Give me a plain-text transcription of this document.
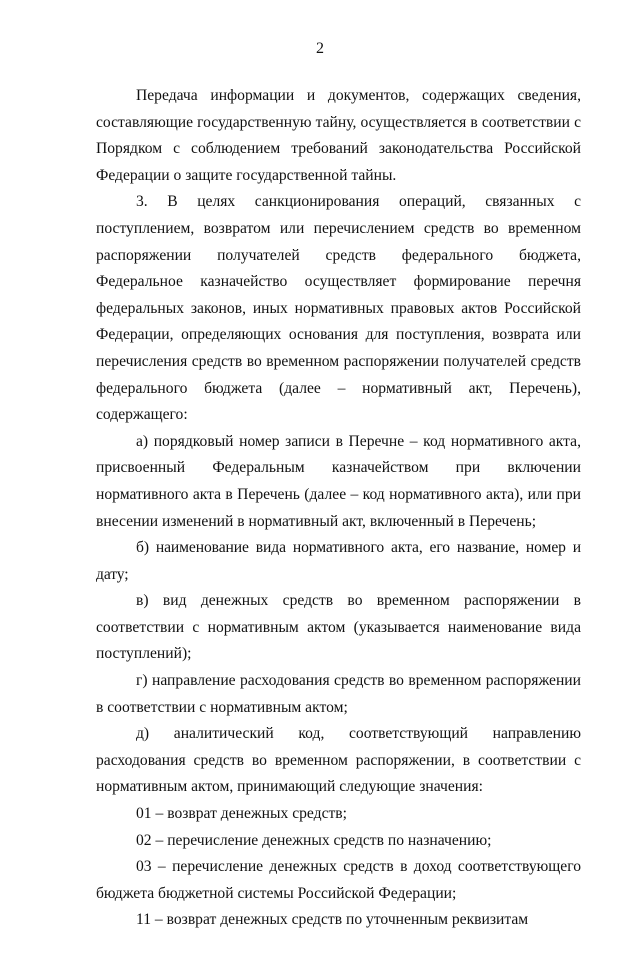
2

Передача информации и документов, содержащих сведения, составляющие государственную тайну, осуществляется в соответствии с Порядком с соблюдением требований законодательства Российской Федерации о защите государственной тайны.

3. В целях санкционирования операций, связанных с поступлением, возвратом или перечислением средств во временном распоряжении получателей средств федерального бюджета, Федеральное казначейство осуществляет формирование перечня федеральных законов, иных нормативных правовых актов Российской Федерации, определяющих основания для поступления, возврата или перечисления средств во временном распоряжении получателей средств федерального бюджета (далее – нормативный акт, Перечень), содержащего:

а) порядковый номер записи в Перечне – код нормативного акта, присвоенный Федеральным казначейством при включении нормативного акта в Перечень (далее – код нормативного акта), или при внесении изменений в нормативный акт, включенный в Перечень;

б) наименование вида нормативного акта, его название, номер и дату;

в) вид денежных средств во временном распоряжении в соответствии с нормативным актом (указывается наименование вида поступлений);

г) направление расходования средств во временном распоряжении в соответствии с нормативным актом;

д) аналитический код, соответствующий направлению расходования средств во временном распоряжении, в соответствии с нормативным актом, принимающий следующие значения:

01 – возврат денежных средств;

02 – перечисление денежных средств по назначению;

03 – перечисление денежных средств в доход соответствующего бюджета бюджетной системы Российской Федерации;

11 – возврат денежных средств по уточненным реквизитам
